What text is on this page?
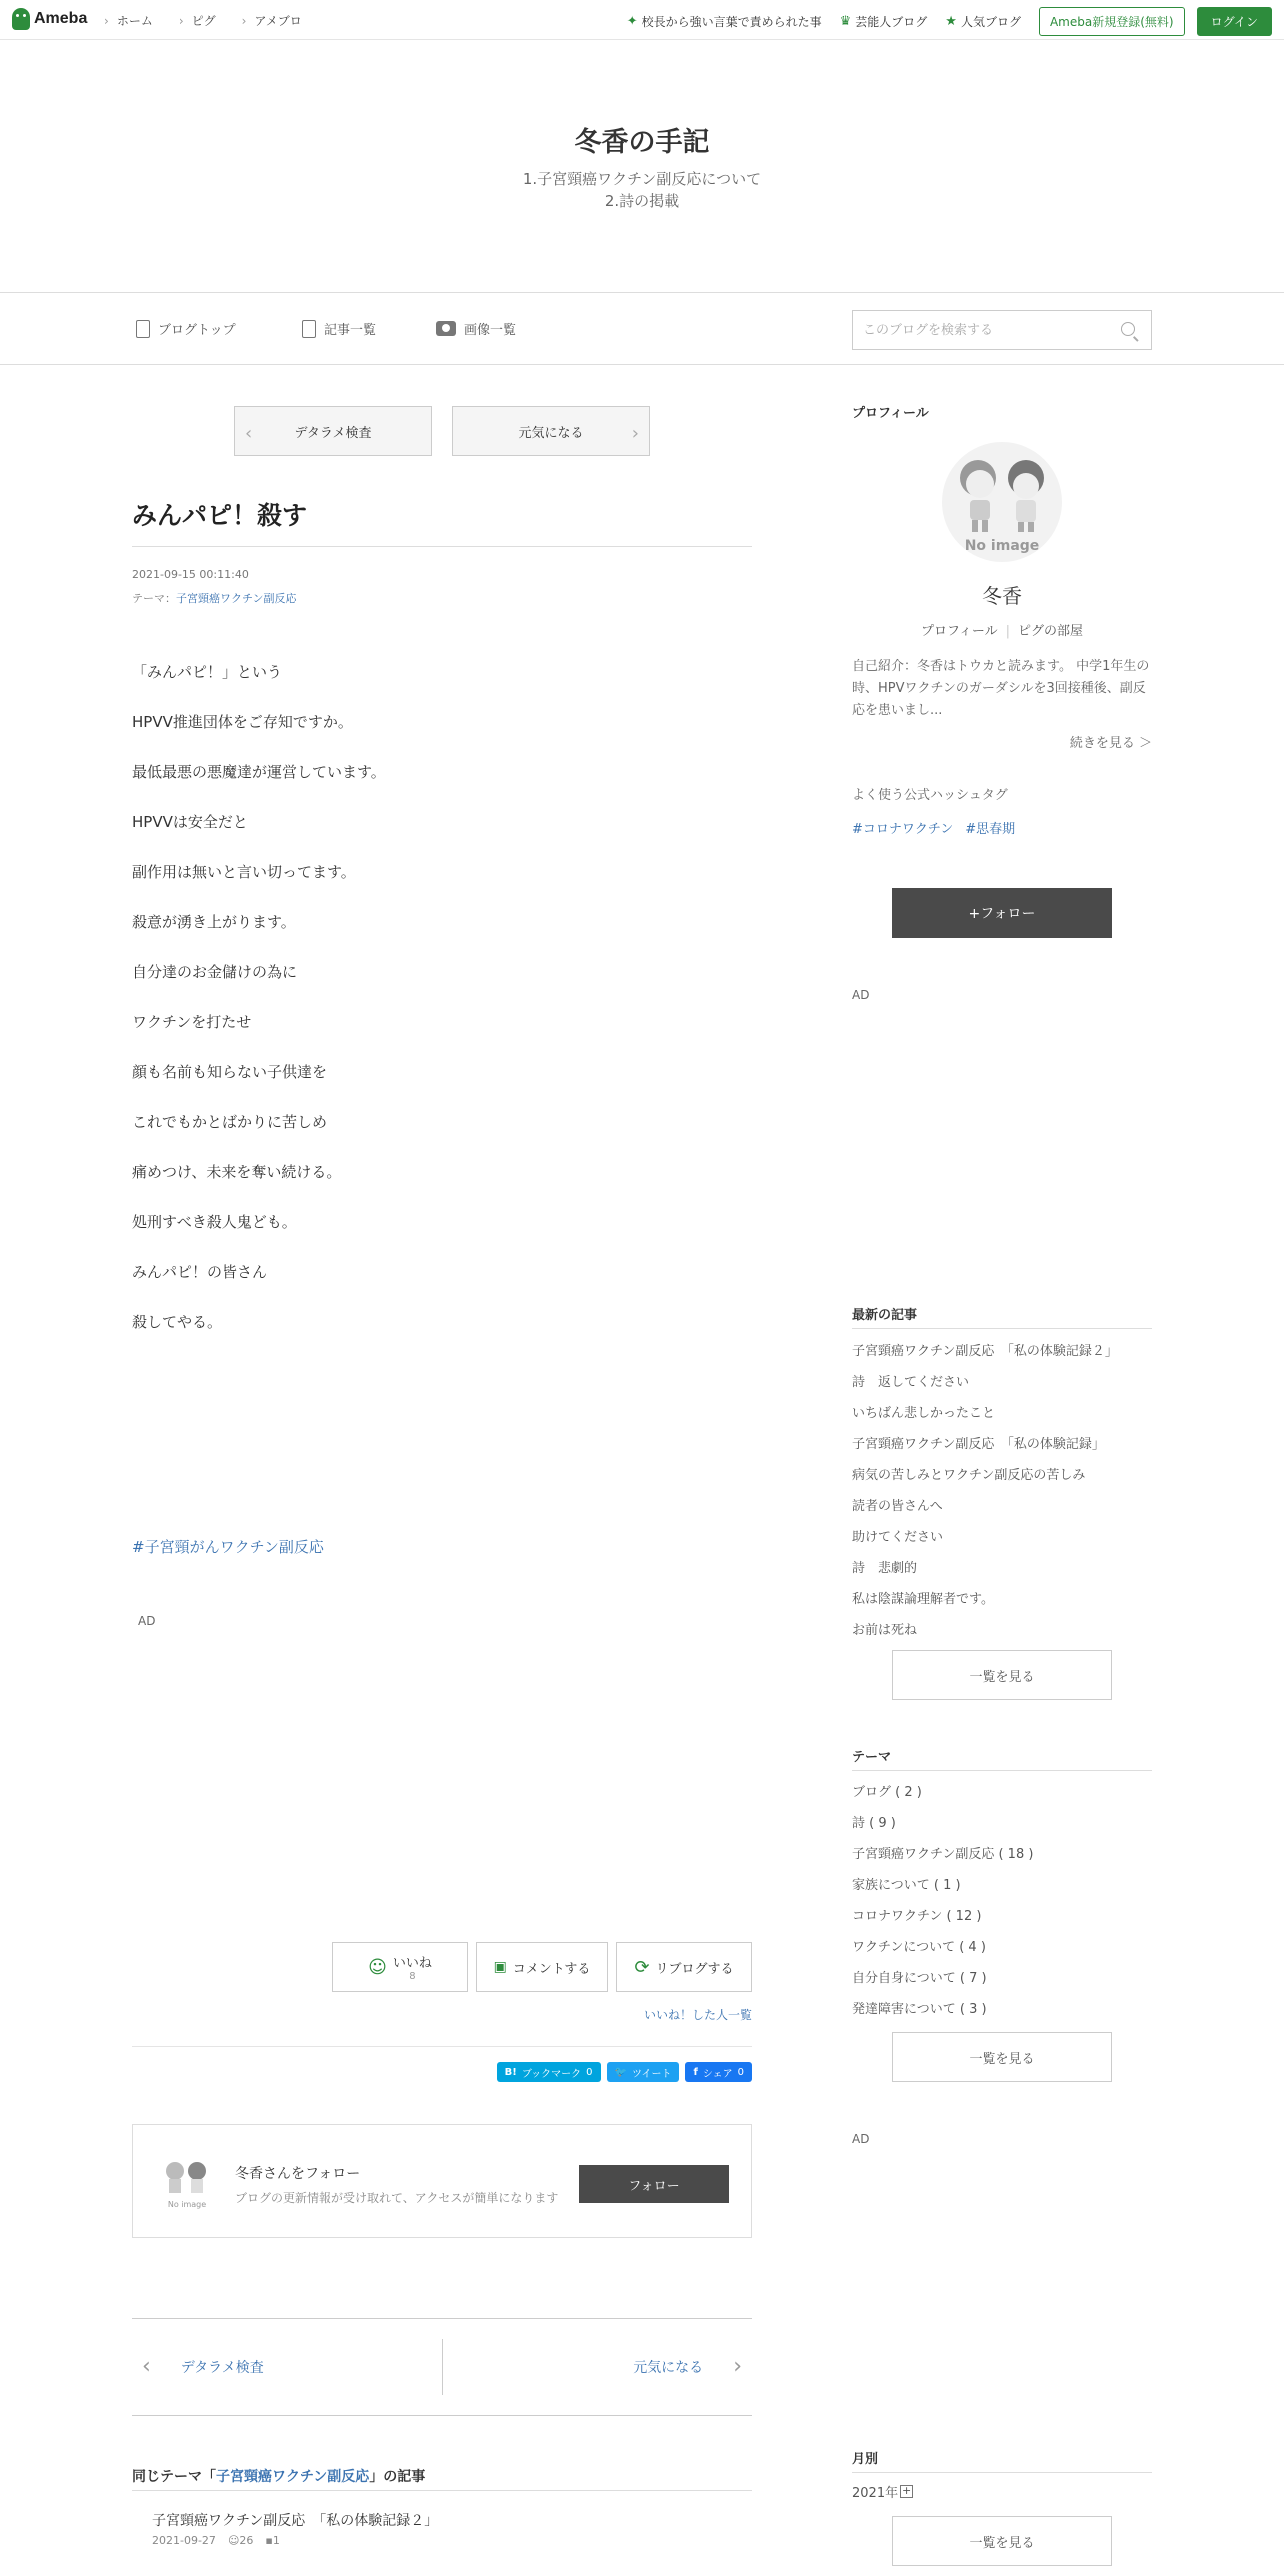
Ameba	› ホーム	› ピグ	› アメブロ	✦ 校長から強い言葉で責められた事 ♛ 芸能人ブログ ★ 人気ブログ	Ameba新規登録(無料)	ログイン
冬香の手記
1.子宮頸癌ワクチン副反応について
2.詩の掲載
ブログトップ	記事一覧	画像一覧
このブログを検索する
‹	デタラメ検査	元気になる	›
みんパピ！殺す
2021-09-15 00:11:40
テーマ：子宮頸癌ワクチン副反応

「みんパピ！」という

HPVV推進団体をご存知ですか。

最低最悪の悪魔達が運営しています。

HPVVは安全だと

副作用は無いと言い切ってます。

殺意が湧き上がります。

自分達のお金儲けの為に

ワクチンを打たせ

顔も名前も知らない子供達を

これでもかとばかりに苦しめ

痛めつけ、未来を奪い続ける。

処刑すべき殺人鬼ども。

みんパピ！の皆さん

殺してやる。

#子宮頸がんワクチン副反応
AD
☺ いいね
8
▣ コメントする ⟳ リブログする
いいね！した人一覧
B! ブックマーク 0 🐦 ツイート f シェア 0
No image
冬香さんをフォロー
ブログの更新情報が受け取れて、アクセスが簡単になります
フォロー
‹ デタラメ検査	元気になる ›
同じテーマ「子宮頸癌ワクチン副反応」の記事
子宮頸癌ワクチン副反応　「私の体験記録２」
2021-09-27 ☺26 ▪1
プロフィール
No image
冬香
プロフィール | ピグの部屋
自己紹介：冬香はトウカと読みます。 中学1年生の時、HPVワクチンのガーダシルを3回接種後、副反応を患いまし...
続きを見る ＞
よく使う公式ハッシュタグ
#コロナワクチン #思春期
+フォロー
AD
最新の記事
子宮頸癌ワクチン副反応　「私の体験記録２」
詩　返してください
いちばん悲しかったこと
子宮頸癌ワクチン副反応　「私の体験記録」
病気の苦しみとワクチン副反応の苦しみ
読者の皆さんへ
助けてください
詩　悲劇的
私は陰謀論理解者です。
お前は死ね
一覧を見る
テーマ
ブログ ( 2 )
詩 ( 9 )
子宮頸癌ワクチン副反応 ( 18 )
家族について ( 1 )
コロナワクチン ( 12 )
ワクチンについて ( 4 )
自分自身について ( 7 )
発達障害について ( 3 )
一覧を見る
AD
月別
2021年 +
一覧を見る
